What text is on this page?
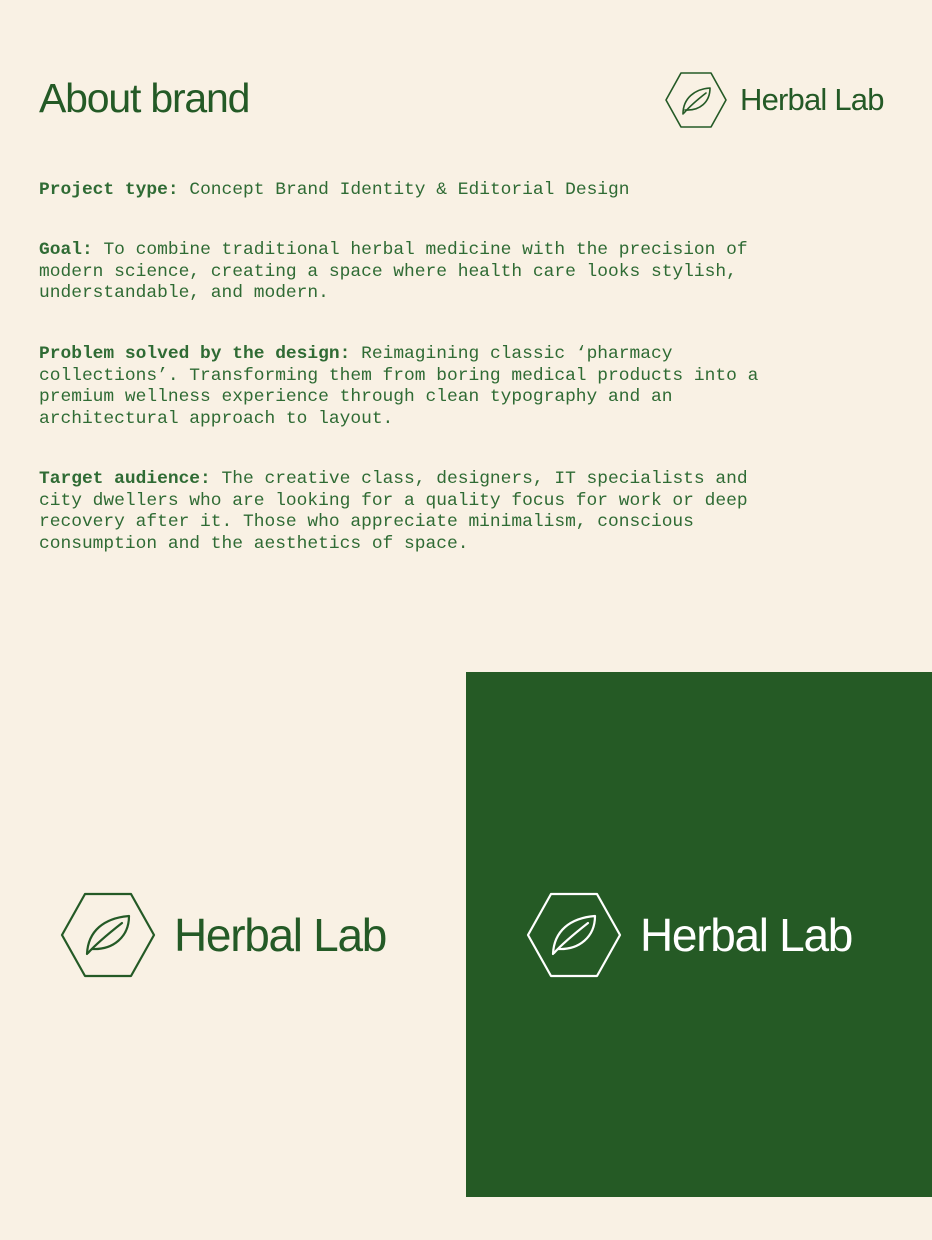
About brand	Herbal Lab

Project type: Concept Brand Identity & Editorial Design

Goal: To combine traditional herbal medicine with the precision of modern science, creating a space where health care looks stylish, understandable, and modern.

Problem solved by the design: Reimagining classic ‘pharmacy collections’. Transforming them from boring medical products into a premium wellness experience through clean typography and an architectural approach to layout.

Target audience: The creative class, designers, IT specialists and city dwellers who are looking for a quality focus for work or deep recovery after it. Those who appreciate minimalism, conscious consumption and the aesthetics of space.

Herbal Lab	Herbal Lab
